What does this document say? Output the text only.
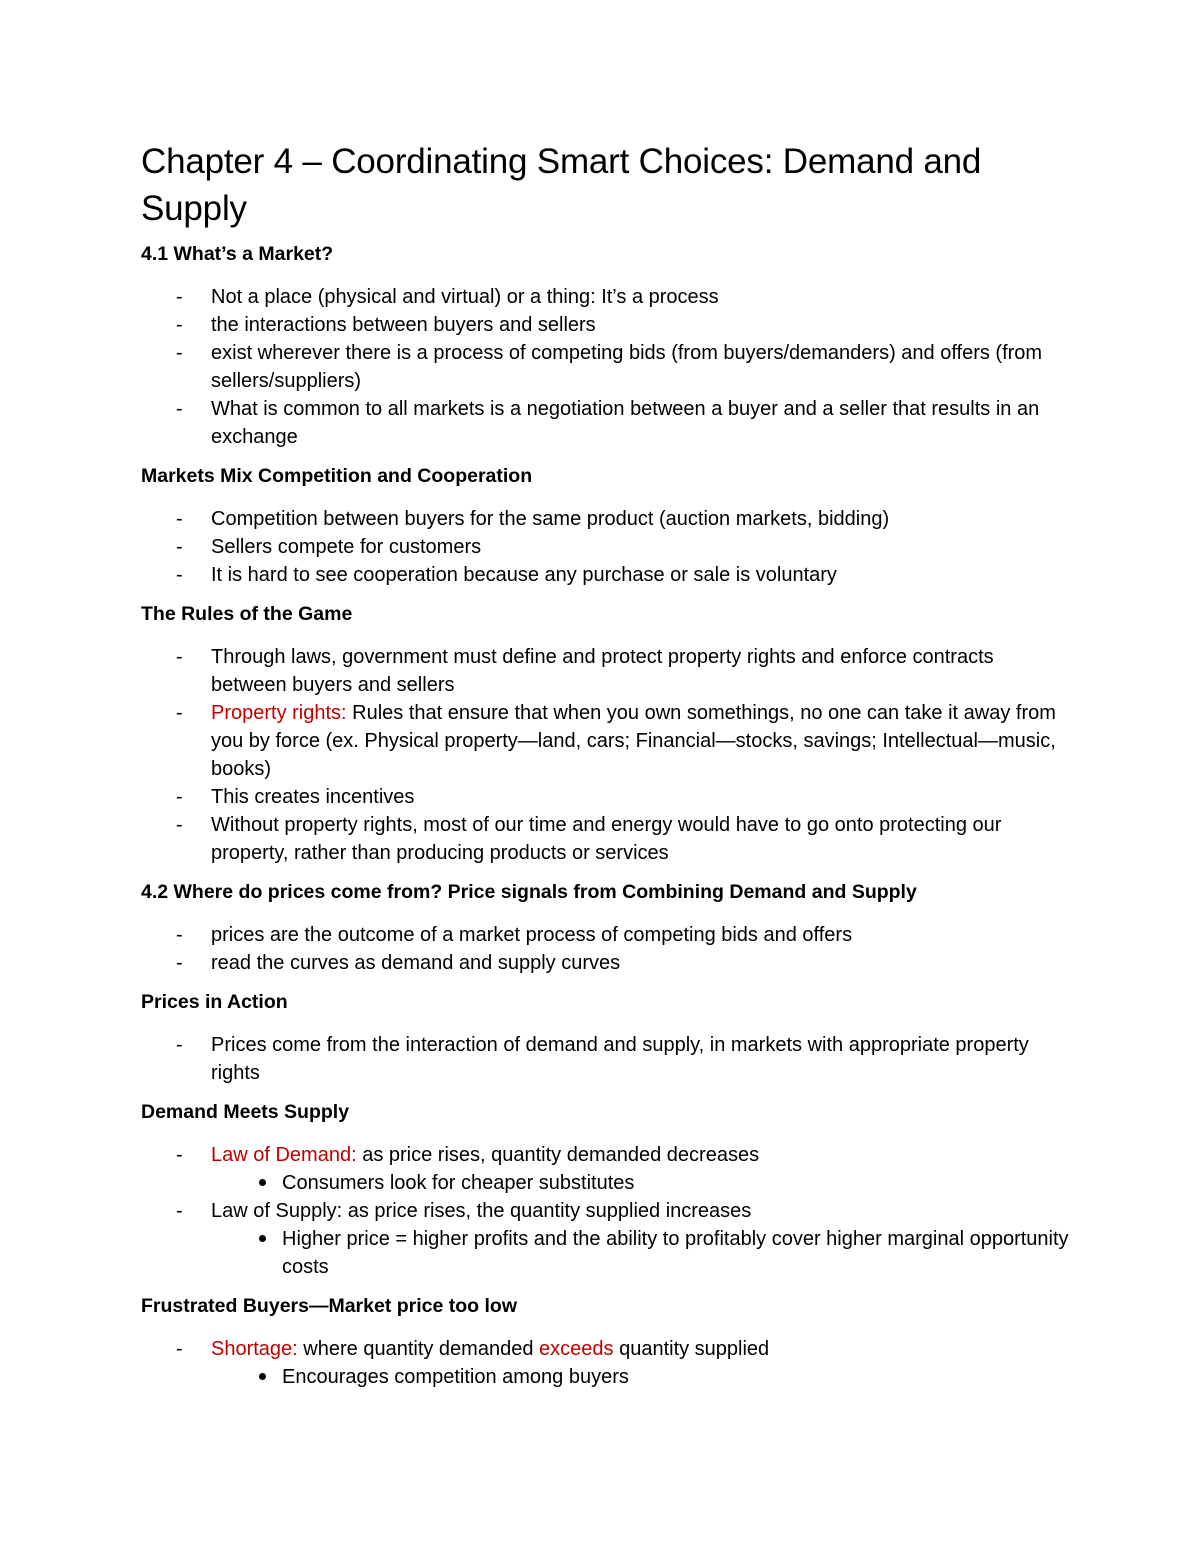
Chapter 4 – Coordinating Smart Choices: Demand and Supply
4.1 What’s a Market?
- Not a place (physical and virtual) or a thing: It’s a process
- the interactions between buyers and sellers
- exist wherever there is a process of competing bids (from buyers/demanders) and offers (from sellers/suppliers)
- What is common to all markets is a negotiation between a buyer and a seller that results in an exchange
Markets Mix Competition and Cooperation
- Competition between buyers for the same product (auction markets, bidding)
- Sellers compete for customers
- It is hard to see cooperation because any purchase or sale is voluntary
The Rules of the Game
- Through laws, government must define and protect property rights and enforce contracts between buyers and sellers
- Property rights: Rules that ensure that when you own somethings, no one can take it away from you by force (ex. Physical property—land, cars; Financial—stocks, savings; Intellectual—music, books)
- This creates incentives
- Without property rights, most of our time and energy would have to go onto protecting our property, rather than producing products or services
4.2 Where do prices come from? Price signals from Combining Demand and Supply
- prices are the outcome of a market process of competing bids and offers
- read the curves as demand and supply curves
Prices in Action
- Prices come from the interaction of demand and supply, in markets with appropriate property rights
Demand Meets Supply
- Law of Demand: as price rises, quantity demanded decreases
Consumers look for cheaper substitutes
- Law of Supply: as price rises, the quantity supplied increases
Higher price = higher profits and the ability to profitably cover higher marginal opportunity costs
Frustrated Buyers—Market price too low
- Shortage: where quantity demanded exceeds quantity supplied
Encourages competition among buyers
